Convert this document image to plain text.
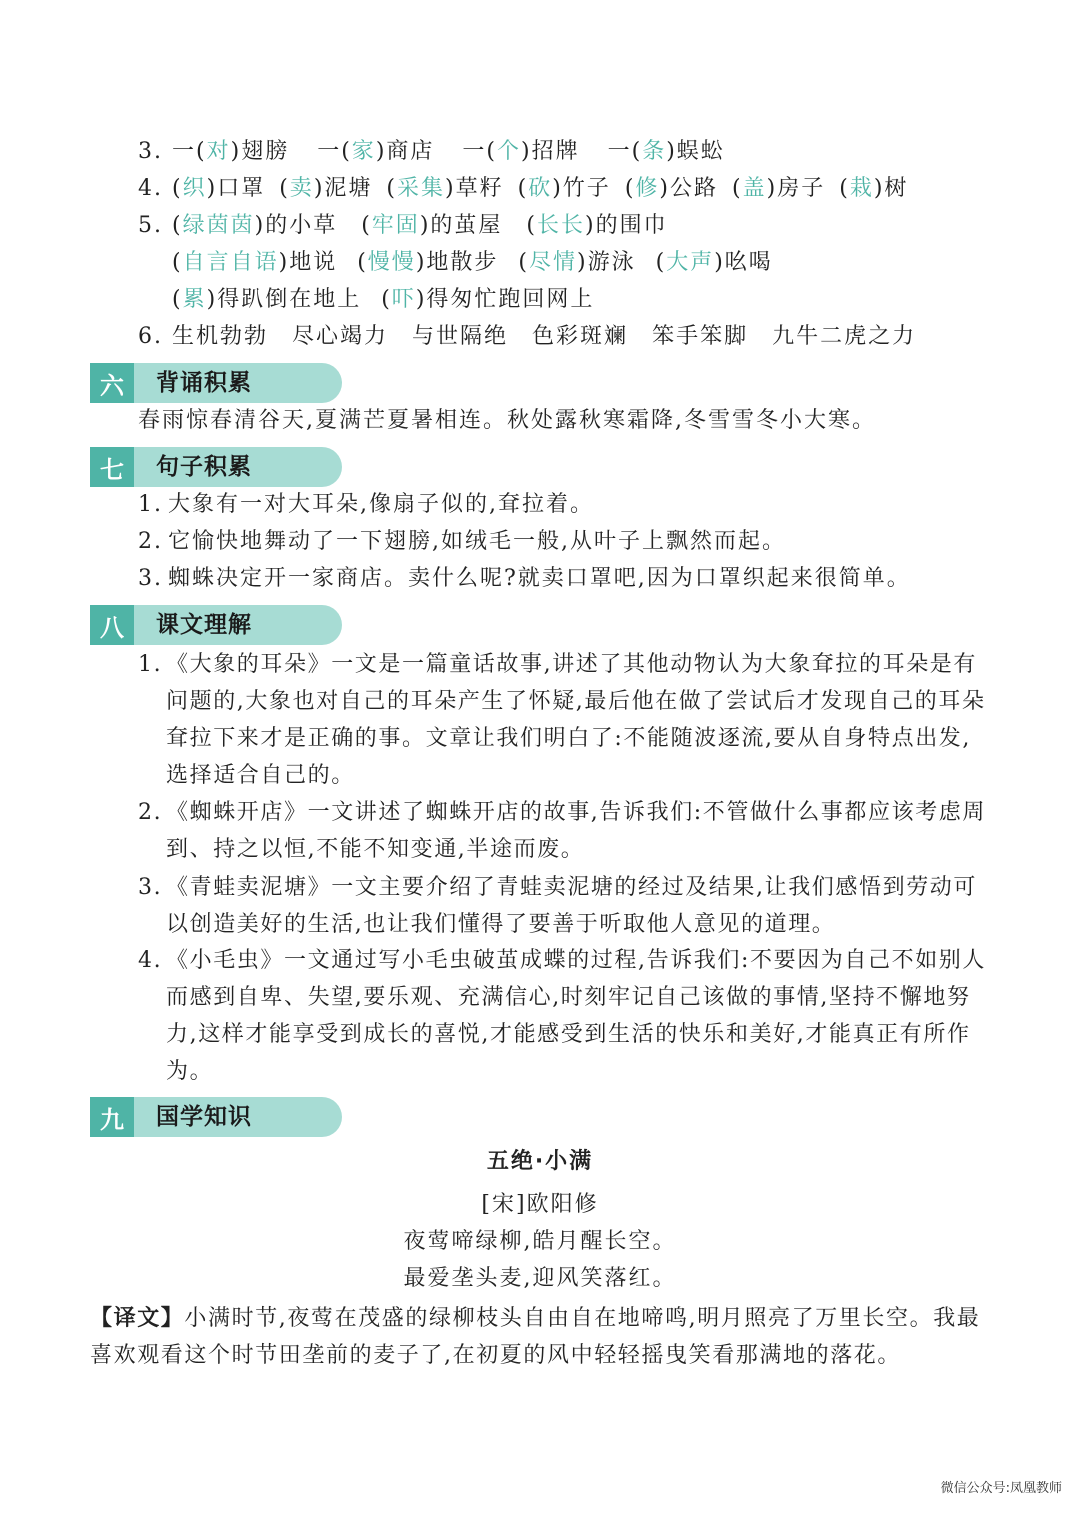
3. 一(对)翅膀 一(家)商店 一(个)招牌 一(条)蜈蚣
4. (织)口罩 (卖)泥塘 (采集)草籽 (砍)竹子 (修)公路 (盖)房子 (栽)树
5. (绿茵茵)的小草 (牢固)的茧屋 (长长)的围巾
(自言自语)地说 (慢慢)地散步 (尽情)游泳 (大声)吆喝
(累)得趴倒在地上 (吓)得匆忙跑回网上
6. 生机勃勃 尽心竭力 与世隔绝 色彩斑斓 笨手笨脚 九牛二虎之力
六	背诵积累
春雨惊春清谷天,夏满芒夏暑相连。秋处露秋寒霜降,冬雪雪冬小大寒。
七	句子积累
1. 大象有一对大耳朵,像扇子似的,耷拉着。
2. 它愉快地舞动了一下翅膀,如绒毛一般,从叶子上飘然而起。
3. 蜘蛛决定开一家商店。卖什么呢?就卖口罩吧,因为口罩织起来很简单。
八	课文理解
1. 《大象的耳朵》一文是一篇童话故事,讲述了其他动物认为大象耷拉的耳朵是有问题的,大象也对自己的耳朵产生了怀疑,最后他在做了尝试后才发现自己的耳朵耷拉下来才是正确的事。文章让我们明白了:不能随波逐流,要从自身特点出发,选择适合自己的。
2. 《蜘蛛开店》一文讲述了蜘蛛开店的故事,告诉我们:不管做什么事都应该考虑周到、持之以恒,不能不知变通,半途而废。
3. 《青蛙卖泥塘》一文主要介绍了青蛙卖泥塘的经过及结果,让我们感悟到劳动可以创造美好的生活,也让我们懂得了要善于听取他人意见的道理。
4. 《小毛虫》一文通过写小毛虫破茧成蝶的过程,告诉我们:不要因为自己不如别人而感到自卑、失望,要乐观、充满信心,时刻牢记自己该做的事情,坚持不懈地努力,这样才能享受到成长的喜悦,才能感受到生活的快乐和美好,才能真正有所作为。
九	国学知识
五绝·小满
[宋]欧阳修
夜莺啼绿柳,皓月醒长空。
最爱垄头麦,迎风笑落红。
【译文】小满时节,夜莺在茂盛的绿柳枝头自由自在地啼鸣,明月照亮了万里长空。我最喜欢观看这个时节田垄前的麦子了,在初夏的风中轻轻摇曳笑看那满地的落花。
微信公众号:凤凰教师
